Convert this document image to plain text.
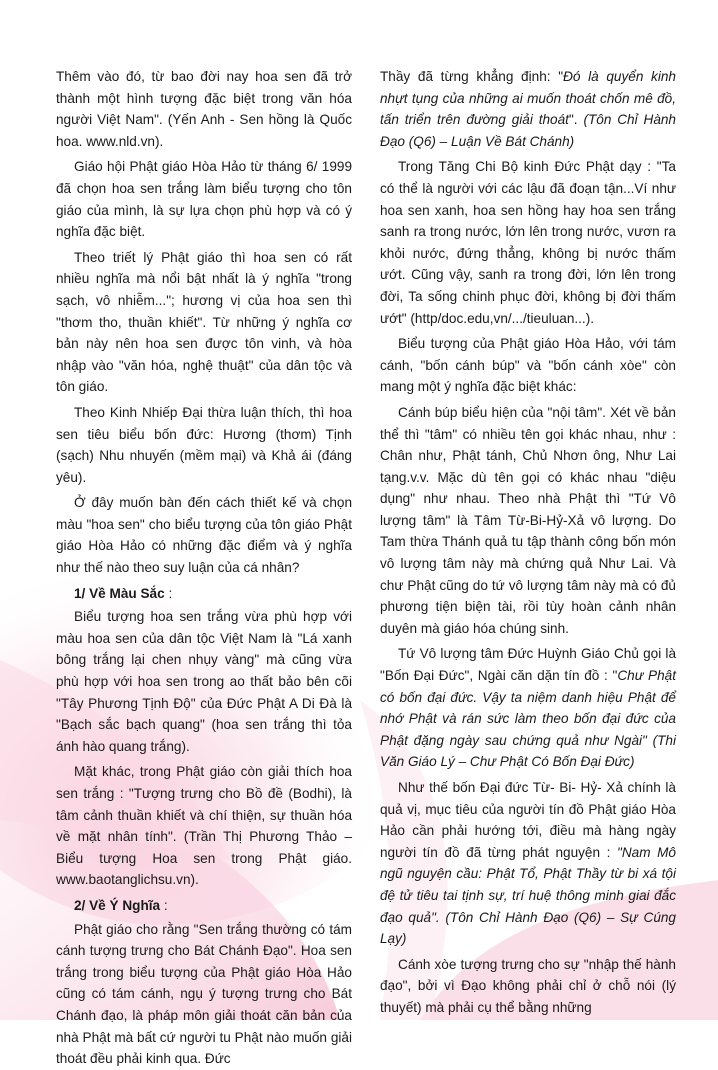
Thêm vào đó, từ bao đời nay hoa sen đã trở thành một hình tượng đặc biệt trong văn hóa người Việt Nam". (Yến Anh - Sen hồng là Quốc hoa. www.nld.vn).

Giáo hội Phật giáo Hòa Hảo từ tháng 6/ 1999 đã chọn hoa sen trắng làm biểu tượng cho tôn giáo của mình, là sự lựa chọn phù hợp và có ý nghĩa đặc biệt.

Theo triết lý Phật giáo thì hoa sen có rất nhiều nghĩa mà nổi bật nhất là ý nghĩa "trong sạch, vô nhiễm..."; hương vị của hoa sen thì "thơm tho, thuần khiết". Từ những ý nghĩa cơ bản này nên hoa sen được tôn vinh, và hòa nhập vào "văn hóa, nghệ thuật" của dân tộc và tôn giáo.

Theo Kinh Nhiếp Đại thừa luận thích, thì hoa sen tiêu biểu bốn đức: Hương (thơm) Tịnh (sạch) Nhu nhuyến (mềm mại) và Khả ái (đáng yêu).

Ở đây muốn bàn đến cách thiết kế và chọn màu "hoa sen" cho biểu tượng của tôn giáo Phật giáo Hòa Hảo có những đặc điểm và ý nghĩa như thế nào theo suy luận của cá nhân?

1/ Về Màu Sắc :

Biểu tượng hoa sen trắng vừa phù hợp với màu hoa sen của dân tộc Việt Nam là "Lá xanh bông trắng lại chen nhụy vàng" mà cũng vừa phù hợp với hoa sen trong ao thất bảo bên cõi "Tây Phương Tịnh Độ" của Đức Phật A Di Đà là "Bạch sắc bạch quang" (hoa sen trắng thì tỏa ánh hào quang trắng).

Mặt khác, trong Phật giáo còn giải thích hoa sen trắng : "Tượng trưng cho Bồ đề (Bodhi), là tâm cảnh thuần khiết và chí thiện, sự thuần hóa về mặt nhân tính". (Trần Thị Phương Thảo – Biểu tượng Hoa sen trong Phật giáo. www.baotanglichsu.vn).

2/ Về Ý Nghĩa :

Phật giáo cho rằng "Sen trắng thường có tám cánh tượng trưng cho Bát Chánh Đạo". Hoa sen trắng trong biểu tượng của Phật giáo Hòa Hảo cũng có tám cánh, ngụ ý tượng trưng cho Bát Chánh đạo, là pháp môn giải thoát căn bản của nhà Phật mà bất cứ người tu Phật nào muốn giải thoát đều phải kinh qua. Đức

Thầy đã từng khẳng định: "Đó là quyển kinh nhựt tụng của những ai muốn thoát chốn mê đồ, tấn triển trên đường giải thoát". (Tôn Chỉ Hành Đạo (Q6) – Luận Về Bát Chánh)

Trong Tăng Chi Bộ kinh Đức Phật dạy : "Ta có thể là người với các lậu đã đoạn tận...Ví như hoa sen xanh, hoa sen hồng hay hoa sen trắng sanh ra trong nước, lớn lên trong nước, vươn ra khỏi nước, đứng thẳng, không bị nước thấm ướt. Cũng vậy, sanh ra trong đời, lớn lên trong đời, Ta sống chinh phục đời, không bị đời thấm ướt" (http/doc.edu,vn/.../tieuluan...).

Biểu tượng của Phật giáo Hòa Hảo, với tám cánh, "bốn cánh búp" và "bốn cánh xòe" còn mang một ý nghĩa đặc biệt khác:

Cánh búp biểu hiện của "nội tâm". Xét về bản thể thì "tâm" có nhiều tên gọi khác nhau, như : Chân như, Phật tánh, Chủ Nhơn ông, Như Lai tạng.v.v. Mặc dù tên gọi có khác nhau "diệu dụng" như nhau. Theo nhà Phật thì "Tứ Vô lượng tâm" là Tâm Từ-Bi-Hỷ-Xả vô lượng. Do Tam thừa Thánh quả tu tập thành công bốn món vô lượng tâm này mà chứng quả Như Lai. Và chư Phật cũng do tứ vô lượng tâm này mà có đủ phương tiện biện tài, rồi tùy hoàn cảnh nhân duyên mà giáo hóa chúng sinh.

Tứ Vô lượng tâm Đức Huỳnh Giáo Chủ gọi là "Bốn Đại Đức", Ngài căn dặn tín đồ : "Chư Phật có bốn đại đức. Vậy ta niệm danh hiệu Phật để nhớ Phật và rán sức làm theo bốn đại đức của Phật đặng ngày sau chứng quả như Ngài" (Thi Văn Giáo Lý – Chư Phật Có Bốn Đại Đức)

Như thế bốn Đại đức Từ- Bi- Hỷ- Xả chính là quả vị, mục tiêu của người tín đồ Phật giáo Hòa Hảo cần phải hướng tới, điều mà hàng ngày người tín đồ đã từng phát nguyện : "Nam Mô ngũ nguyện cầu: Phật Tổ, Phật Thầy từ bi xá tội đệ tử tiêu tai tịnh sự, trí huệ thông minh giai đắc đạo quả". (Tôn Chỉ Hành Đạo (Q6) – Sự Cúng Lạy)

Cánh xòe tượng trưng cho sự "nhập thế hành đạo", bởi vì Đạo không phải chỉ ở chỗ nói (lý thuyết) mà phải cụ thể bằng những
